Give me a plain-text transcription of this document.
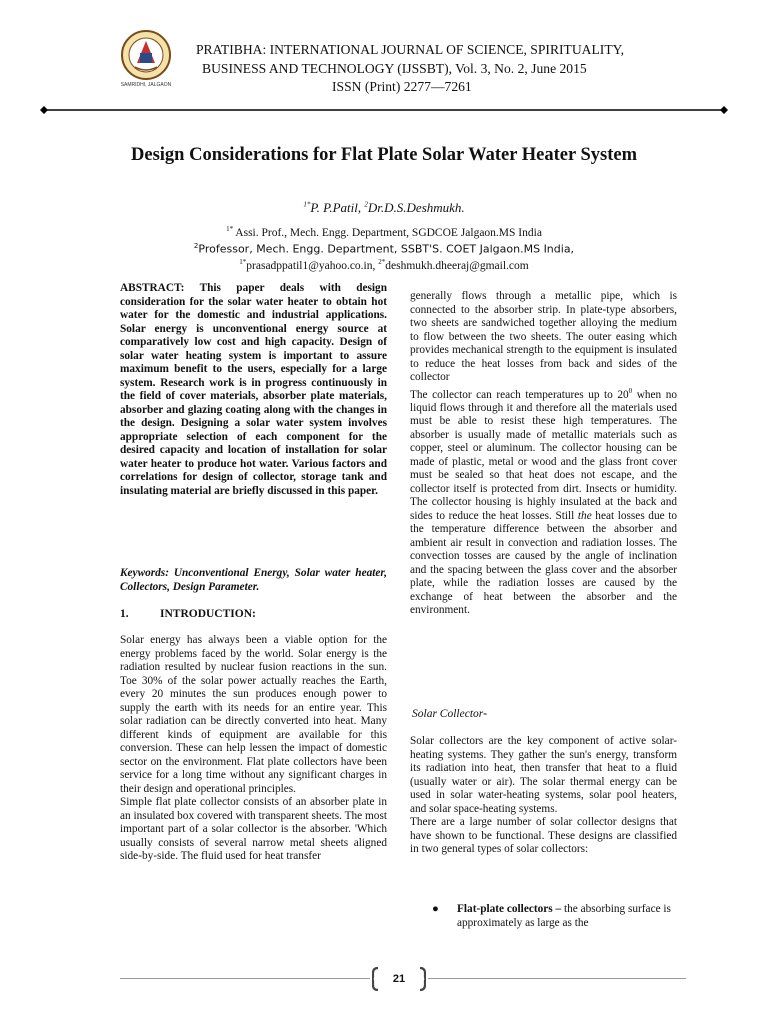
SAMRIDHI, JALGAON
PRATIBHA: INTERNATIONAL JOURNAL OF SCIENCE, SPIRITUALITY,
BUSINESS AND TECHNOLOGY (IJSSBT), Vol. 3, No. 2, June 2015
ISSN (Print) 2277—7261
Design Considerations for Flat Plate Solar Water Heater System
$^{1*}$P. P.Patil, $^2$Dr.D.S.Deshmukh.
$^{1*}$ Assi. Prof., Mech. Engg. Department, SGDCOE Jalgaon.MS India
$^2$Professor, Mech. Engg. Department, SSBT'S. COET Jalgaon.MS India,
$^{1*}$prasadppatil1@yahoo.co.in, $^{2*}$deshmukh.dheeraj@gmail.com

ABSTRACT: This paper deals with design consideration for the solar water heater to obtain hot water for the domestic and industrial applications. Solar energy is unconventional energy source at comparatively low cost and high capacity. Design of solar water heating system is important to assure maximum benefit to the users, especially for a large system. Research work is in progress continuously in the field of cover materials, absorber plate materials, absorber and glazing coating along with the changes in the design. Designing a solar water system involves appropriate selection of each component for the desired capacity and location of installation for solar water heater to produce hot water. Various factors and correlations for design of collector, storage tank and insulating material are briefly discussed in this paper.

Keywords: Unconventional Energy, Solar water heater, Collectors, Design Parameter.

1.	INTRODUCTION:

Solar energy has always been a viable option for the energy problems faced by the world. Solar energy is the radiation resulted by nuclear fusion reactions in the sun. Toe 30% of the solar power actually reaches the Earth, every 20 minutes the sun produces enough power to supply the earth with its needs for an entire year. This solar radiation can be directly converted into heat. Many different kinds of equipment are available for this conversion. These can help lessen the impact of domestic sector on the environment. Flat plate collectors have been service for a long time without any significant charges in their design and operational principles.

Simple flat plate collector consists of an absorber plate in an insulated box covered with transparent sheets. The most important part of a solar collector is the absorber. 'Which usually consists of several narrow metal sheets aligned side-by-side. The fluid used for heat transfer

generally flows through a metallic pipe, which is connected to the absorber strip. In plate-type absorbers, two sheets are sandwiched together alloying the medium to flow between the two sheets. The outer easing which provides mechanical strength to the equipment is insulated to reduce the heat losses from back and sides of the collector

The collector can reach temperatures up to $20^0$ when no liquid flows through it and therefore all the materials used must be able to resist these high temperatures. The absorber is usually made of metallic materials such as copper, steel or aluminum. The collector housing can be made of plastic, metal or wood and the glass front cover must be sealed so that heat does not escape, and the collector itself is protected from dirt. Insects or humidity. The collector housing is highly insulated at the back and sides to reduce the heat losses. Still the heat losses due to the temperature difference between the absorber and ambient air result in convection and radiation losses. The convection tosses are caused by the angle of inclination and the spacing between the glass cover and the absorber plate, while the radiation losses are caused by the exchange of heat between the absorber and the environment.

Solar Collector-

Solar collectors are the key component of active solar-heating systems. They gather the sun's energy, transform its radiation into heat, then transfer that heat to a fluid (usually water or air). The solar thermal energy can be used in solar water-heating systems, solar pool heaters, and solar space-heating systems.

There are a large number of solar collector designs that have shown to be functional. These designs are classified in two general types of solar collectors:

● Flat-plate collectors – the absorbing surface is approximately as large as the
21
